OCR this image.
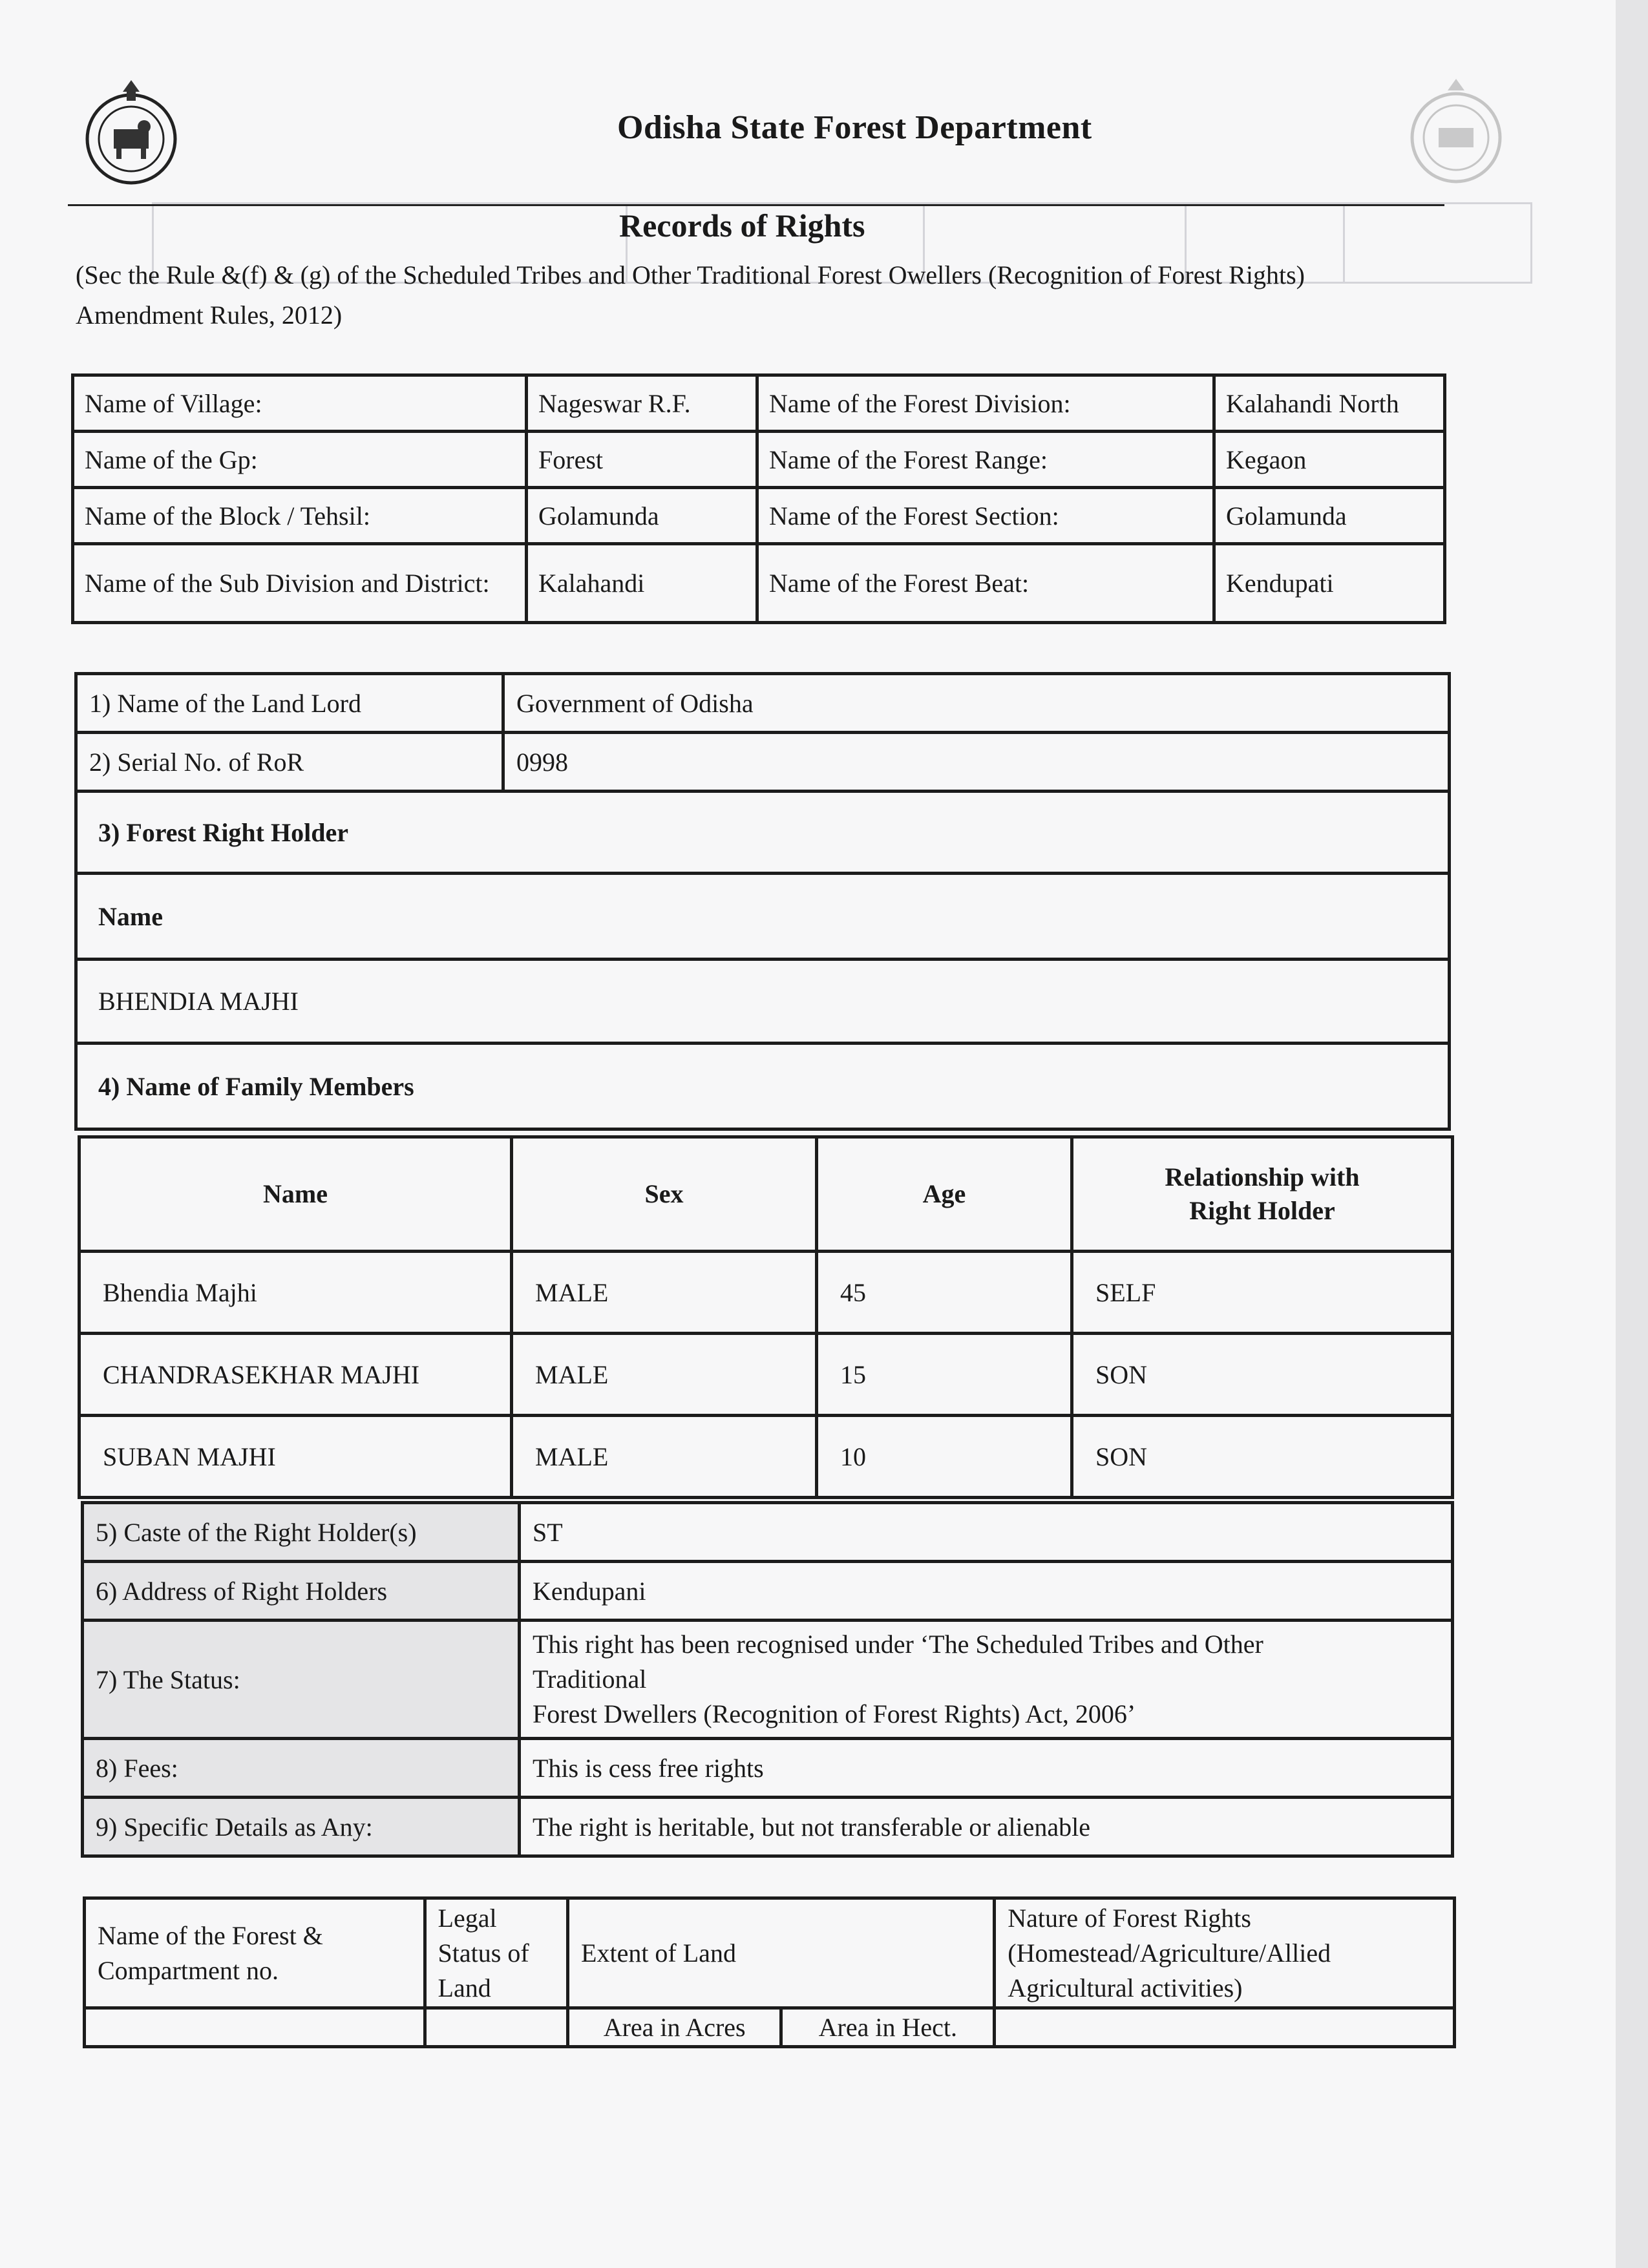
Odisha State Forest Department
Records of Rights
(Sec the Rule &(f) & (g) of the Scheduled Tribes and Other Traditional Forest Owellers (Recognition of Forest Rights) Amendment Rules, 2012)
Name of Village:	Nageswar R.F.	Name of the Forest Division:	Kalahandi North
Name of the Gp:	Forest	Name of the Forest Range:	Kegaon
Name of the Block / Tehsil:	Golamunda	Name of the Forest Section:	Golamunda
Name of the Sub Division and District:	Kalahandi	Name of the Forest Beat:	Kendupati
1) Name of the Land Lord	Government of Odisha
2) Serial No. of RoR	0998
3) Forest Right Holder	
Name	
BHENDIA MAJHI	
4) Name of Family Members	
Name	Sex	Age	Relationship with Right Holder
Bhendia Majhi	MALE	45	SELF
CHANDRASEKHAR MAJHI	MALE	15	SON
SUBAN MAJHI	MALE	10	SON
5) Caste of the Right Holder(s)	ST
6) Address of Right Holders	Kendupani
7) The Status:	This right has been recognised under ‘The Scheduled Tribes and Other
Traditional
Forest Dwellers (Recognition of Forest Rights) Act, 2006’

8) Fees:	This is cess free rights
9) Specific Details as Any:	The right is heritable, but not transferable or alienable
Name of the Forest & Compartment no.	Legal Status of Land	Extent of Land		Nature of Forest Rights (Homestead/Agriculture/Allied Agricultural activities)
		Area in Acres	Area in Hect.	
